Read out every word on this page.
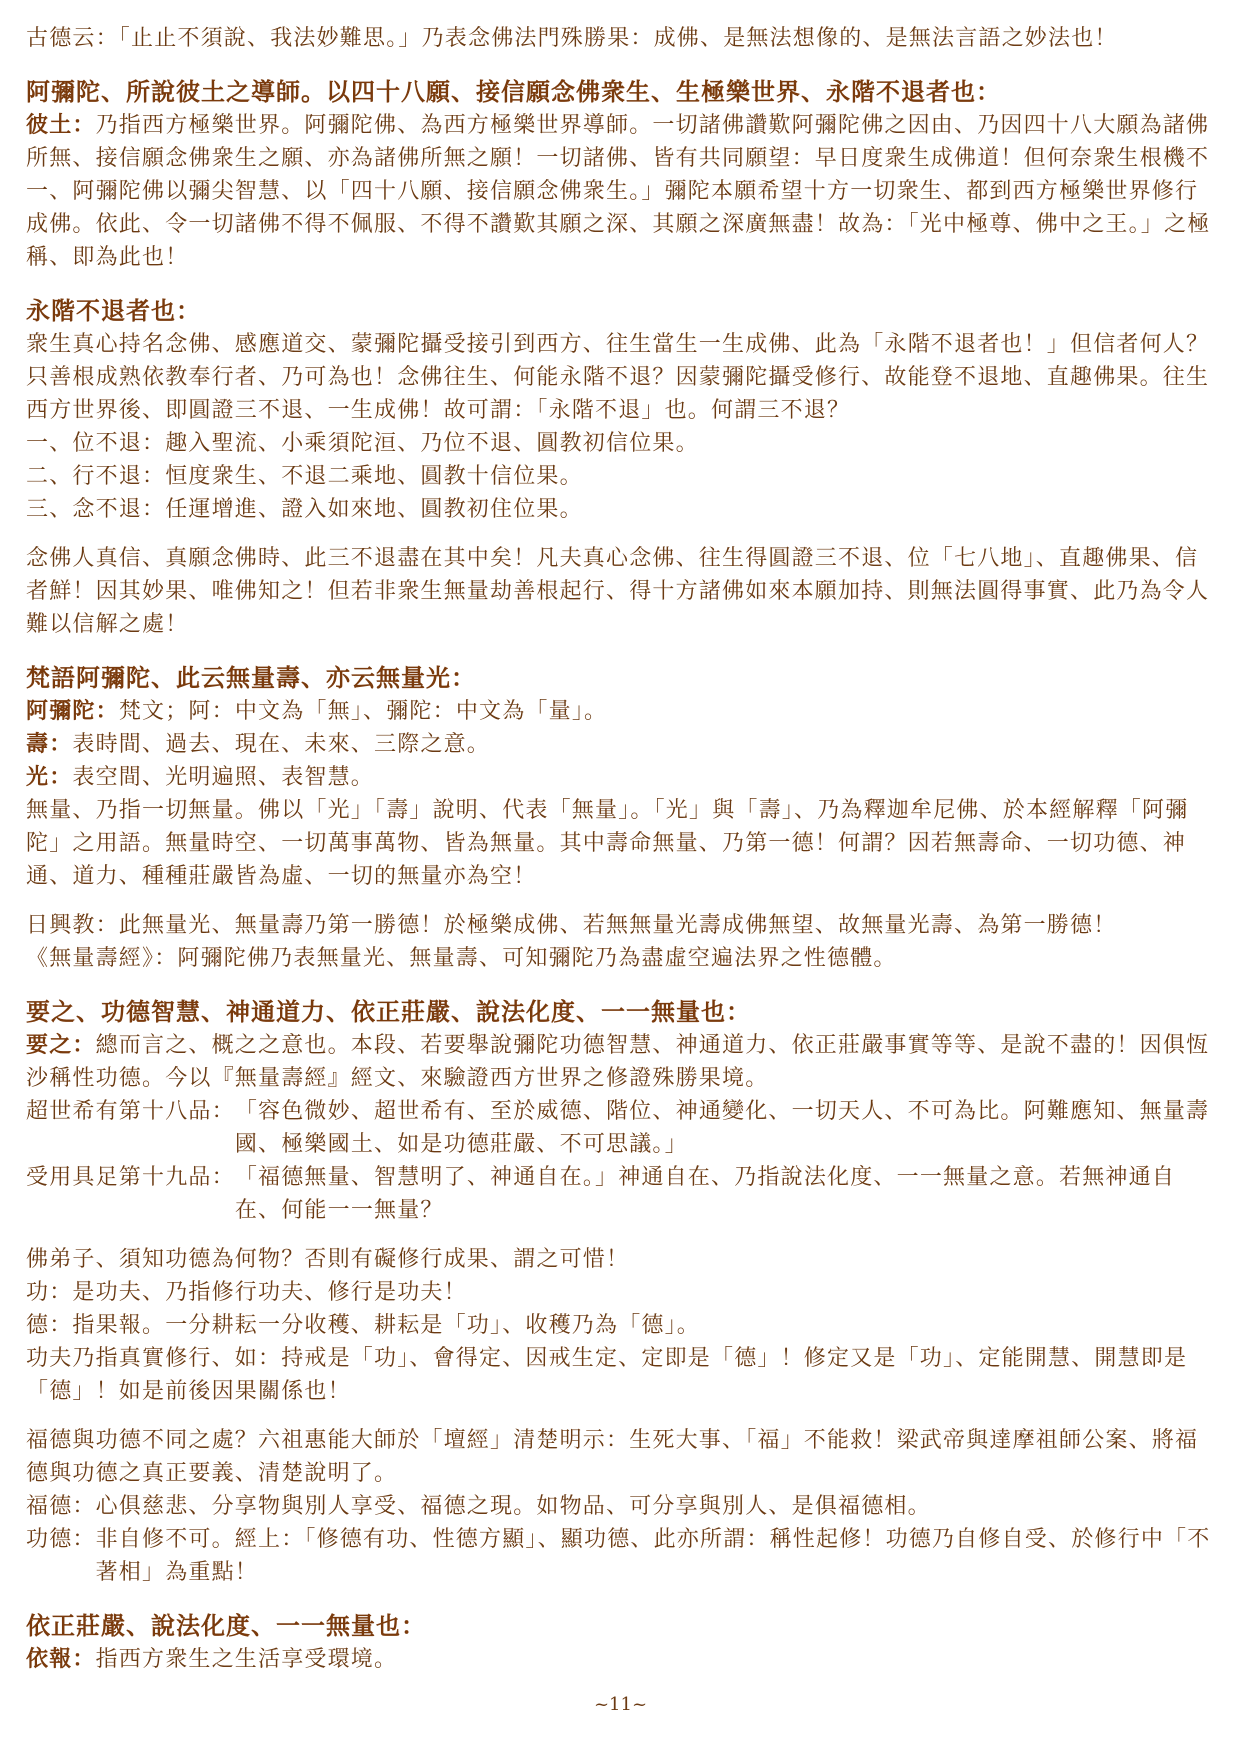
古德云：「止止不須說、我法妙難思。」乃表念佛法門殊勝果：成佛、是無法想像的、是無法言語之妙法也！

阿彌陀、所說彼土之導師。以四十八願、接信願念佛衆生、生極樂世界、永階不退者也：

彼土：乃指西方極樂世界。阿彌陀佛、為西方極樂世界導師。一切諸佛讚歎阿彌陀佛之因由、乃因四十八大願為諸佛所無、接信願念佛衆生之願、亦為諸佛所無之願！一切諸佛、皆有共同願望：早日度衆生成佛道！但何奈衆生根機不一、阿彌陀佛以彌尖智慧、以「四十八願、接信願念佛衆生。」彌陀本願希望十方一切衆生、都到西方極樂世界修行成佛。依此、令一切諸佛不得不佩服、不得不讚歎其願之深、其願之深廣無盡！故為：「光中極尊、佛中之王。」之極稱、即為此也！

永階不退者也：

衆生真心持名念佛、感應道交、蒙彌陀攝受接引到西方、往生當生一生成佛、此為「永階不退者也！」但信者何人？只善根成熟依教奉行者、乃可為也！念佛往生、何能永階不退？因蒙彌陀攝受修行、故能登不退地、直趣佛果。往生西方世界後、即圓證三不退、一生成佛！故可謂：「永階不退」也。何謂三不退？

一、位不退：趣入聖流、小乘須陀洹、乃位不退、圓教初信位果。

二、行不退：恒度衆生、不退二乘地、圓教十信位果。

三、念不退：任運增進、證入如來地、圓教初住位果。

念佛人真信、真願念佛時、此三不退盡在其中矣！凡夫真心念佛、往生得圓證三不退、位「七八地」、直趣佛果、信者鮮！因其妙果、唯佛知之！但若非衆生無量劫善根起行、得十方諸佛如來本願加持、則無法圓得事實、此乃為令人難以信解之處！

梵語阿彌陀、此云無量壽、亦云無量光：

阿彌陀：梵文；阿：中文為「無」、彌陀：中文為「量」。

壽：表時間、過去、現在、未來、三際之意。

光：表空間、光明遍照、表智慧。

無量、乃指一切無量。佛以「光」「壽」說明、代表「無量」。「光」與「壽」、乃為釋迦牟尼佛、於本經解釋「阿彌陀」之用語。無量時空、一切萬事萬物、皆為無量。其中壽命無量、乃第一德！何謂？因若無壽命、一切功德、神通、道力、種種莊嚴皆為虛、一切的無量亦為空！

日興教：此無量光、無量壽乃第一勝德！於極樂成佛、若無無量光壽成佛無望、故無量光壽、為第一勝德！

《無量壽經》：阿彌陀佛乃表無量光、無量壽、可知彌陀乃為盡虛空遍法界之性德體。

要之、功德智慧、神通道力、依正莊嚴、說法化度、一一無量也：

要之：總而言之、概之之意也。本段、若要舉說彌陀功德智慧、神通道力、依正莊嚴事實等等、是說不盡的！因俱恆沙稱性功德。今以『無量壽經』經文、來驗證西方世界之修證殊勝果境。

超世希有第十八品： 「容色微妙、超世希有、至於威德、階位、神通變化、一切天人、不可為比。阿難應知、無量壽國、極樂國土、如是功德莊嚴、不可思議。」
受用具足第十九品： 「福德無量、智慧明了、神通自在。」神通自在、乃指說法化度、一一無量之意。若無神通自在、何能一一無量？

佛弟子、須知功德為何物？否則有礙修行成果、謂之可惜！

功：是功夫、乃指修行功夫、修行是功夫！

德：指果報。一分耕耘一分收穫、耕耘是「功」、收穫乃為「德」。

功夫乃指真實修行、如：持戒是「功」、會得定、因戒生定、定即是「德」！修定又是「功」、定能開慧、開慧即是「德」！如是前後因果關係也！

福德與功德不同之處？六祖惠能大師於「壇經」清楚明示：生死大事、「福」不能救！梁武帝與達摩祖師公案、將福德與功德之真正要義、清楚說明了。

福德： 心俱慈悲、分享物與別人享受、福德之現。如物品、可分享與別人、是俱福德相。
功德： 非自修不可。經上：「修德有功、性德方顯」、顯功德、此亦所謂：稱性起修！功德乃自修自受、於修行中「不著相」為重點！

依正莊嚴、說法化度、一一無量也：

依報：指西方衆生之生活享受環境。

~11~
